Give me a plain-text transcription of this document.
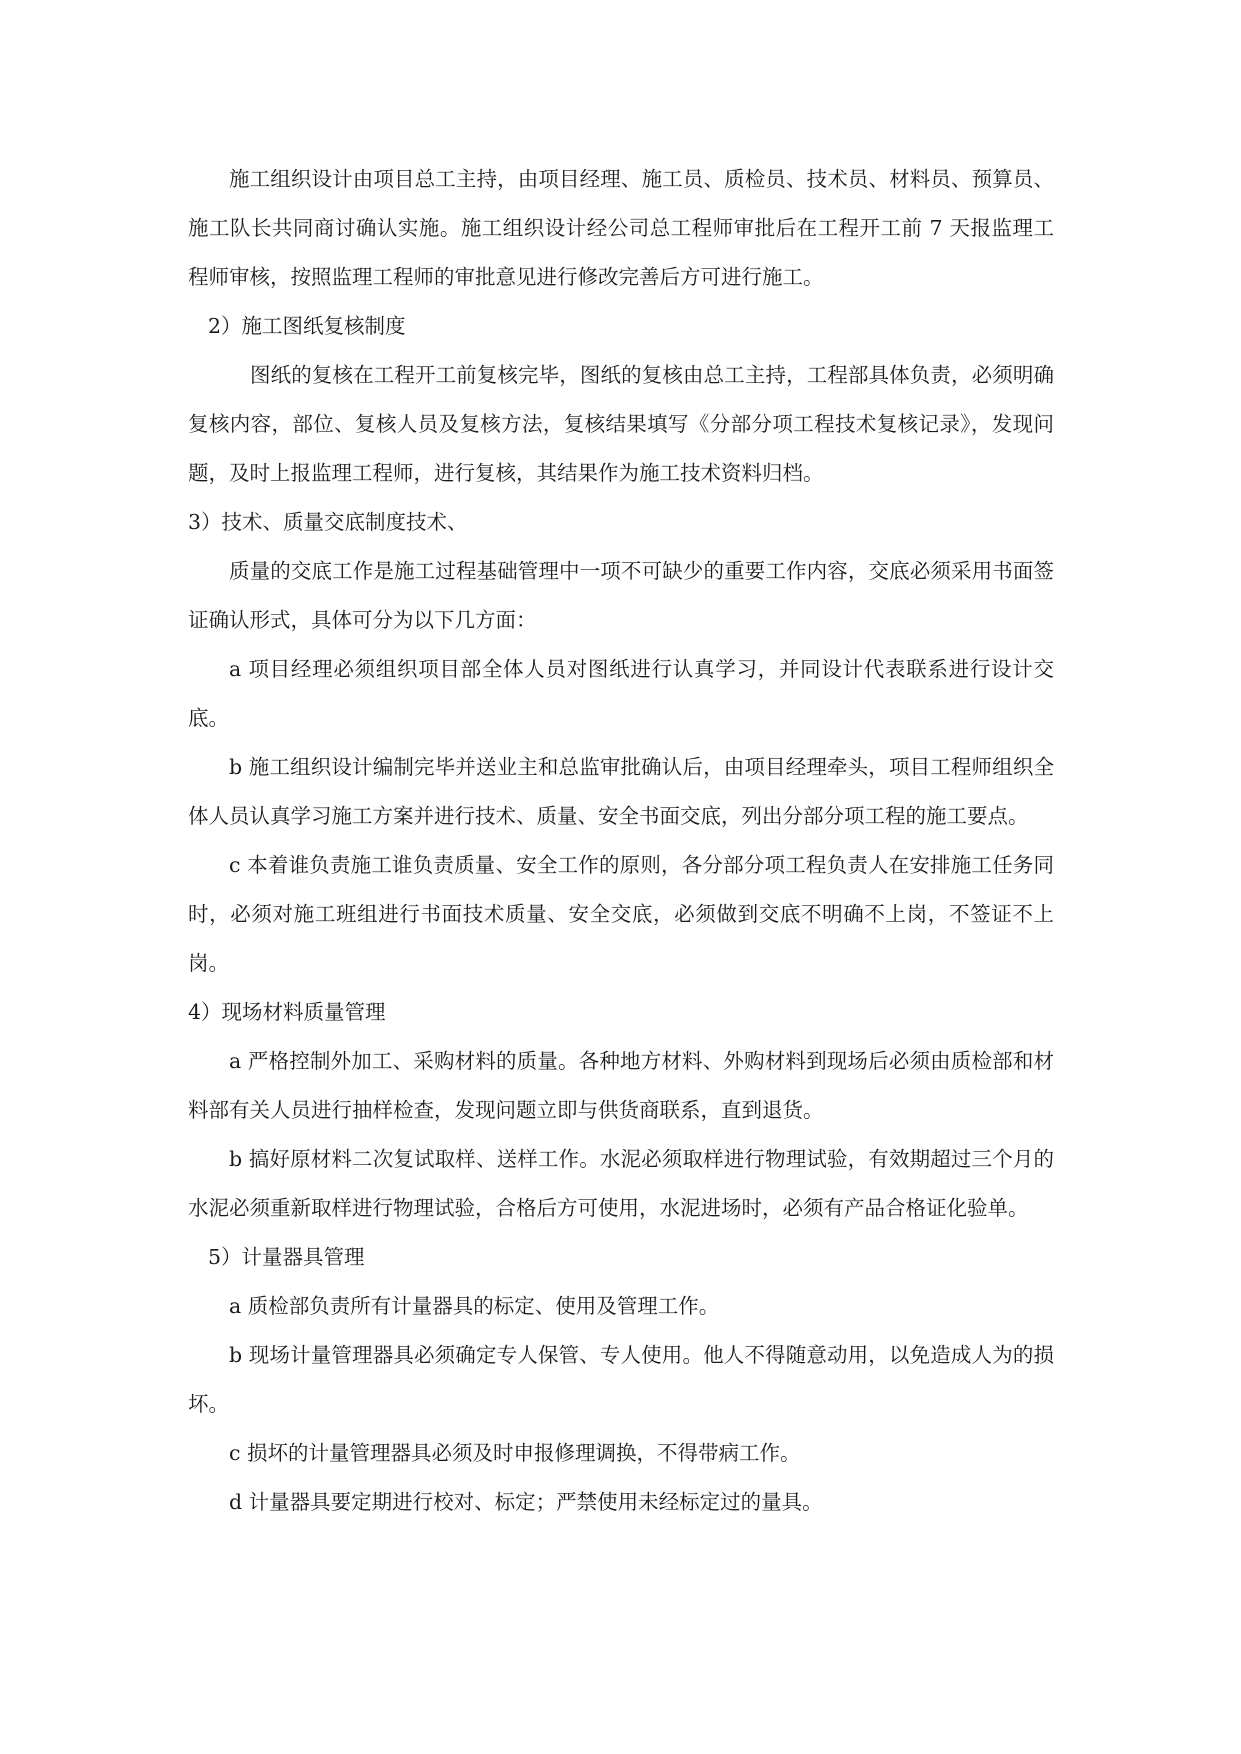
施工组织设计由项目总工主持，由项目经理、施工员、质检员、技术员、材料员、预算员、施工队长共同商讨确认实施。施工组织设计经公司总工程师审批后在工程开工前 7 天报监理工程师审核，按照监理工程师的审批意见进行修改完善后方可进行施工。

2）施工图纸复核制度

图纸的复核在工程开工前复核完毕，图纸的复核由总工主持，工程部具体负责，必须明确复核内容，部位、复核人员及复核方法，复核结果填写《分部分项工程技术复核记录》，发现问题，及时上报监理工程师，进行复核，其结果作为施工技术资料归档。

3）技术、质量交底制度技术、

质量的交底工作是施工过程基础管理中一项不可缺少的重要工作内容，交底必须采用书面签证确认形式，具体可分为以下几方面：

a 项目经理必须组织项目部全体人员对图纸进行认真学习，并同设计代表联系进行设计交底。

b 施工组织设计编制完毕并送业主和总监审批确认后，由项目经理牵头，项目工程师组织全体人员认真学习施工方案并进行技术、质量、安全书面交底，列出分部分项工程的施工要点。

c 本着谁负责施工谁负责质量、安全工作的原则，各分部分项工程负责人在安排施工任务同时，必须对施工班组进行书面技术质量、安全交底，必须做到交底不明确不上岗，不签证不上岗。

4）现场材料质量管理

a 严格控制外加工、采购材料的质量。各种地方材料、外购材料到现场后必须由质检部和材料部有关人员进行抽样检查，发现问题立即与供货商联系，直到退货。

b 搞好原材料二次复试取样、送样工作。水泥必须取样进行物理试验，有效期超过三个月的水泥必须重新取样进行物理试验，合格后方可使用，水泥进场时，必须有产品合格证化验单。

5）计量器具管理

a 质检部负责所有计量器具的标定、使用及管理工作。

b 现场计量管理器具必须确定专人保管、专人使用。他人不得随意动用，以免造成人为的损坏。

c 损坏的计量管理器具必须及时申报修理调换，不得带病工作。

d 计量器具要定期进行校对、标定；严禁使用未经标定过的量具。
